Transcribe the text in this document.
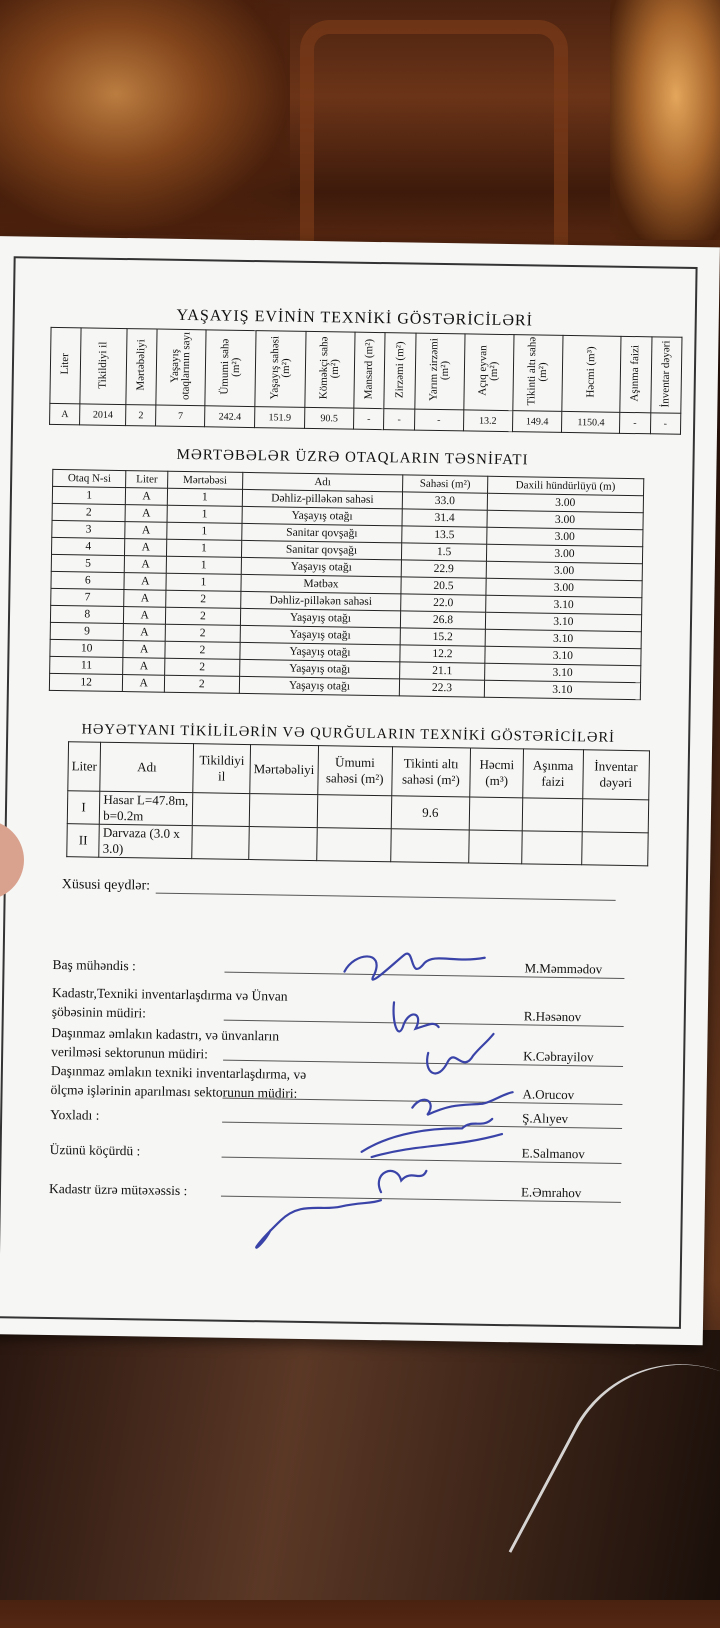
YAŞAYIŞ EVİNİN TEXNİKİ GÖSTƏRİCİLƏRİ
Liter	Tikildiyi il	Mərtəbəliyi	Yaşayış otaqlarının sayı	Ümumi sahə (m²)	Yaşayış sahəsi (m²)	Köməkçi sahə (m²)	Mansard (m²)	Zirzəmi (m²)	Yarım zirzəmi (m²)	Açıq eyvan (m²)	Tikinti altı sahə (m²)	Həcmi (m³)	Aşınma faizi	İnventar dəyəri
A	2014	2	7	242.4	151.9	90.5	-	-	-	13.2	149.4	1150.4	-	-
MƏRTƏBƏLƏR ÜZRƏ OTAQLARIN TƏSNİFATI
Otaq N-si	Liter	Mərtəbəsi	Adı	Sahəsi (m²)	Daxili hündürlüyü (m)
1	A	1	Dəhliz-pilləkən sahəsi	33.0	3.00
2	A	1	Yaşayış otağı	31.4	3.00
3	A	1	Sanitar qovşağı	13.5	3.00
4	A	1	Sanitar qovşağı	1.5	3.00
5	A	1	Yaşayış otağı	22.9	3.00
6	A	1	Mətbəx	20.5	3.00
7	A	2	Dəhliz-pilləkən sahəsi	22.0	3.10
8	A	2	Yaşayış otağı	26.8	3.10
9	A	2	Yaşayış otağı	15.2	3.10
10	A	2	Yaşayış otağı	12.2	3.10
11	A	2	Yaşayış otağı	21.1	3.10
12	A	2	Yaşayış otağı	22.3	3.10
HƏYƏTYANI TİKİLİLƏRİN VƏ QURĞULARIN TEXNİKİ GÖSTƏRİCİLƏRİ
Liter	Adı	Tikildiyi il	Mərtəbəliyi	Ümumi sahəsi (m²)	Tikinti altı sahəsi (m²)	Həcmi (m³)	Aşınma faizi	İnventar dəyəri
I	Hasar L=47.8m, b=0.2m				9.6			
II	Darvaza (3.0 x 3.0)							
Xüsusi qeydlər:
Baş mühəndis :	M.Məmmədov
Kadastr,Texniki inventarlaşdırma və Ünvan şöbəsinin müdiri:	R.Həsənov
Daşınmaz əmlakın kadastrı, və ünvanların verilməsi sektorunun müdiri:	K.Cəbrayilov
Daşınmaz əmlakın texniki inventarlaşdırma, və ölçmə işlərinin aparılması sektorunun müdiri:	A.Orucov
Yoxladı :	Ş.Alıyev
Üzünü köçürdü :	E.Salmanov
Kadastr üzrə mütəxəssis :	E.Əmrahov
